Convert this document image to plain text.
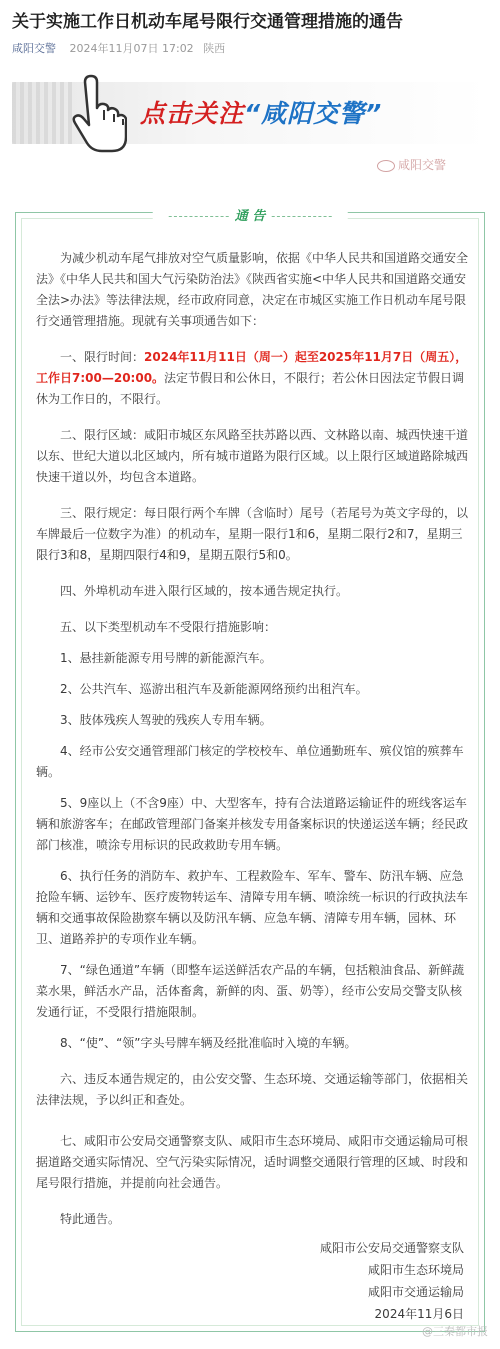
关于实施工作日机动车尾号限行交通管理措施的通告
咸阳交警 2024年11月07日 17:02 陕西
点击关注“咸阳交警”
咸阳交警
通 告

为减少机动车尾气排放对空气质量影响，依据《中华人民共和国道路交通安全法》《中华人民共和国大气污染防治法》《陕西省实施<中华人民共和国道路交通安全法>办法》等法律法规，经市政府同意，决定在市城区实施工作日机动车尾号限行交通管理措施。现就有关事项通告如下：

一、限行时间：2024年11月11日（周一）起至2025年11月7日（周五），工作日7:00—20:00。法定节假日和公休日，不限行；若公休日因法定节假日调休为工作日的，不限行。

二、限行区域：咸阳市城区东风路至扶苏路以西、文林路以南、城西快速干道以东、世纪大道以北区域内，所有城市道路为限行区域。以上限行区域道路除城西快速干道以外，均包含本道路。

三、限行规定：每日限行两个车牌（含临时）尾号（若尾号为英文字母的，以车牌最后一位数字为准）的机动车，星期一限行1和6，星期二限行2和7，星期三限行3和8，星期四限行4和9，星期五限行5和0。

四、外埠机动车进入限行区域的，按本通告规定执行。

五、以下类型机动车不受限行措施影响：

1、悬挂新能源专用号牌的新能源汽车。

2、公共汽车、巡游出租汽车及新能源网络预约出租汽车。

3、肢体残疾人驾驶的残疾人专用车辆。

4、经市公安交通管理部门核定的学校校车、单位通勤班车、殡仪馆的殡葬车辆。

5、9座以上（不含9座）中、大型客车，持有合法道路运输证件的班线客运车辆和旅游客车；在邮政管理部门备案并核发专用备案标识的快递运送车辆；经民政部门核准，喷涂专用标识的民政救助专用车辆。

6、执行任务的消防车、救护车、工程救险车、军车、警车、防汛车辆、应急抢险车辆、运钞车、医疗废物转运车、清障专用车辆、喷涂统一标识的行政执法车辆和交通事故保险勘察车辆以及防汛车辆、应急车辆、清障专用车辆，园林、环卫、道路养护的专项作业车辆。

7、“绿色通道”车辆（即整车运送鲜活农产品的车辆，包括粮油食品、新鲜蔬菜水果，鲜活水产品，活体畜禽，新鲜的肉、蛋、奶等），经市公安局交警支队核发通行证，不受限行措施限制。

8、“使”、“领”字头号牌车辆及经批准临时入境的车辆。

六、违反本通告规定的，由公安交警、生态环境、交通运输等部门，依据相关法律法规，予以纠正和查处。

七、咸阳市公安局交通警察支队、咸阳市生态环境局、咸阳市交通运输局可根据道路交通实际情况、空气污染实际情况，适时调整交通限行管理的区域、时段和尾号限行措施，并提前向社会通告。

特此通告。

咸阳市公安局交通警察支队
咸阳市生态环境局
咸阳市交通运输局
2024年11月6日
@三秦都市报
